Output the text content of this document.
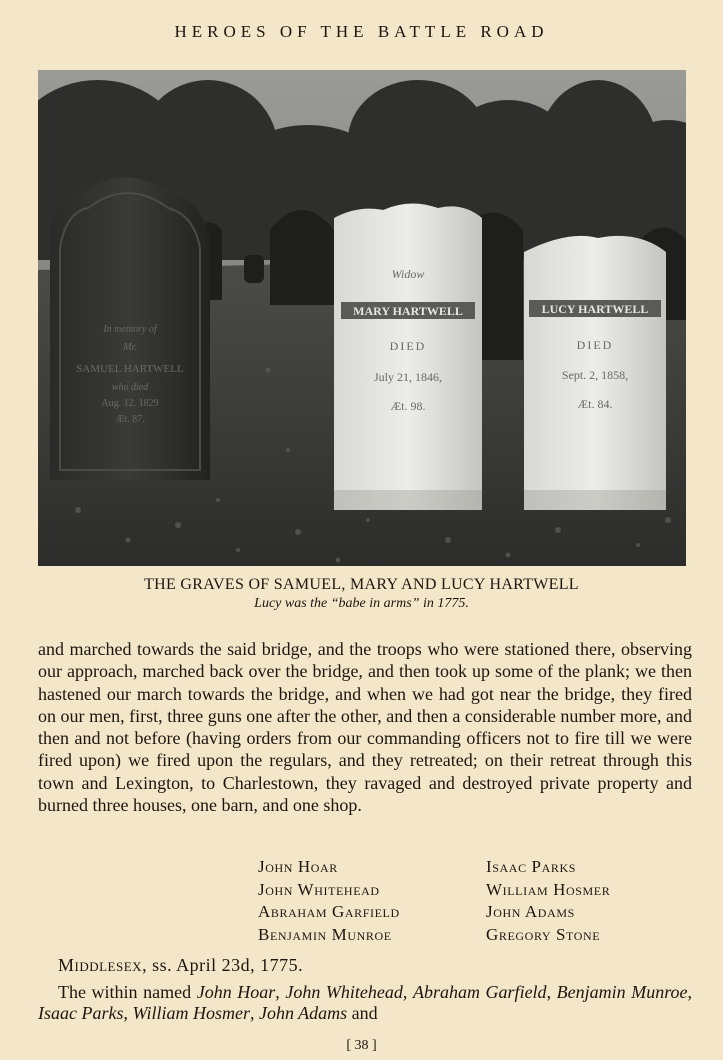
HEROES OF THE BATTLE ROAD
In memory of
Mr.
SAMUEL HARTWELL
who died
Aug. 12. 1829
Æt. 87.
Widow
MARY HARTWELL
DIED
July 21, 1846,
Æt. 98.
LUCY HARTWELL
DIED
Sept. 2, 1858,
Æt. 84.
THE GRAVES OF SAMUEL, MARY AND LUCY HARTWELL
Lucy was the “babe in arms” in 1775.

and marched towards the said bridge, and the troops who were stationed there, observing our approach, marched back over the bridge, and then took up some of the plank; we then hastened our march towards the bridge, and when we had got near the bridge, they fired on our men, first, three guns one after the other, and then a considerable number more, and then and not before (having orders from our commanding officers not to fire till we were fired upon) we fired upon the regulars, and they retreated; on their retreat through this town and Lexington, to Charlestown, they ravaged and destroyed private property and burned three houses, one barn, and one shop.

John Hoar
John Whitehead
Abraham Garfield
Benjamin Munroe
Isaac Parks
William Hosmer
John Adams
Gregory Stone
Middlesex, ss. April 23d, 1775.

The within named John Hoar, John Whitehead, Abraham Garfield, Benjamin Munroe, Isaac Parks, William Hosmer, John Adams and

[ 38 ]
